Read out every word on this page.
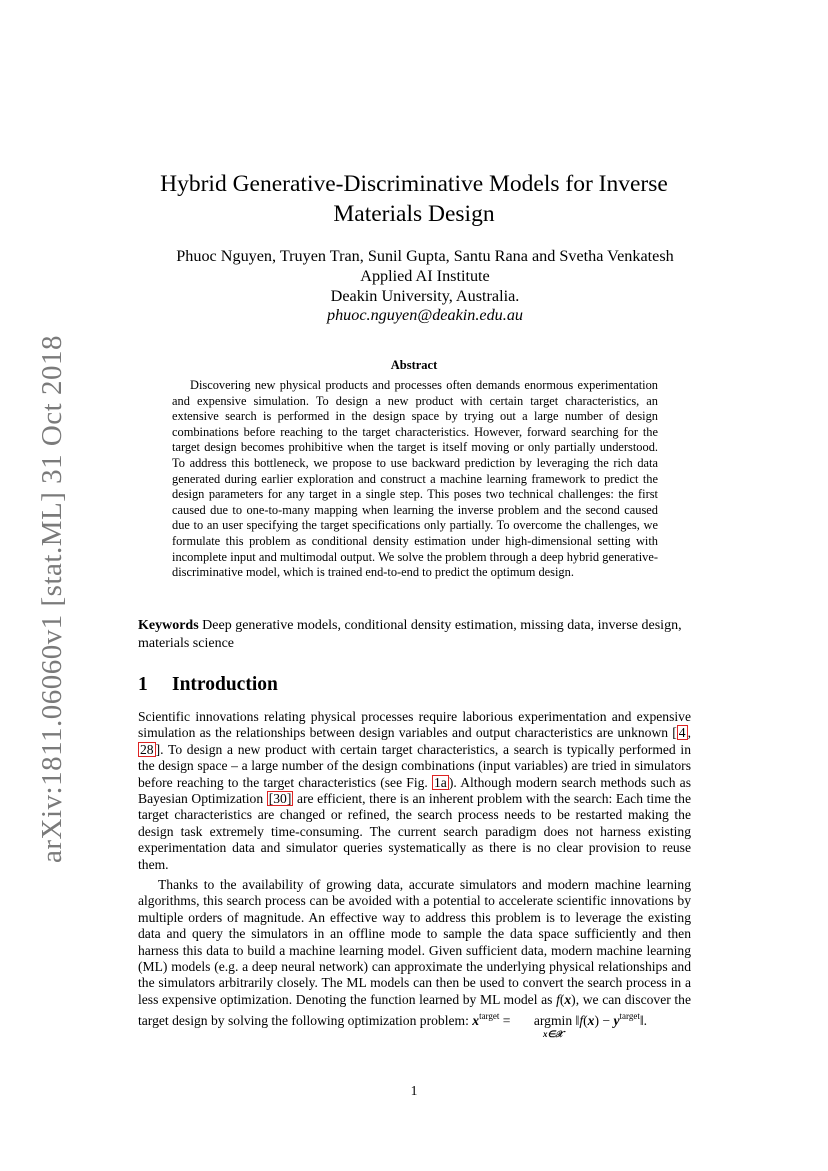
arXiv:1811.06060v1 [stat.ML] 31 Oct 2018
Hybrid Generative-Discriminative Models for Inverse
Materials Design
Phuoc Nguyen, Truyen Tran, Sunil Gupta, Santu Rana and Svetha Venkatesh
Applied AI Institute
Deakin University, Australia.
phuoc.nguyen@deakin.edu.au
Abstract
Discovering new physical products and processes often demands enormous experimentation and expensive simulation. To design a new product with certain target characteristics, an extensive search is performed in the design space by trying out a large number of design combinations before reaching to the target characteristics. However, forward searching for the target design becomes prohibitive when the target is itself moving or only partially understood. To address this bottleneck, we propose to use backward prediction by leveraging the rich data generated during earlier exploration and construct a machine learning framework to predict the design parameters for any target in a single step. This poses two technical challenges: the first caused due to one-to-many mapping when learning the inverse problem and the second caused due to an user specifying the target specifications only partially. To overcome the challenges, we formulate this problem as conditional density estimation under high-dimensional setting with incomplete input and multimodal output. We solve the problem through a deep hybrid generative-discriminative model, which is trained end-to-end to predict the optimum design.
Keywords Deep generative models, conditional density estimation, missing data, inverse design, materials science
1 Introduction
Scientific innovations relating physical processes require laborious experimentation and expensive simulation as the relationships between design variables and output characteristics are unknown [ 4 ,28 ]. To design a new product with certain target characteristics, a search is typically performed in the design space – a large number of the design combinations (input variables) are tried in simulators before reaching to the target characteristics (see Fig. 1a ). Although modern search methods such as Bayesian Optimization [30] are efficient, there is an inherent problem with the search: Each time the target characteristics are changed or refined, the search process needs to be restarted making the design task extremely time-consuming. The current search paradigm does not harness existing experimentation data and simulator queries systematically as there is no clear provision to reuse them.
Thanks to the availability of growing data, accurate simulators and modern machine learning algorithms, this search process can be avoided with a potential to accelerate scientific innovations by multiple orders of magnitude. An effective way to address this problem is to leverage the existing data and query the simulators in an offline mode to sample the data space sufficiently and then harness this data to build a machine learning model. Given sufficient data, modern machine learning (ML) models (e.g. a deep neural network) can approximate the underlying physical relationships and the simulators arbitrarily closely. The ML models can then be used to convert the search process in a less expensive optimization. Denoting the function learned by ML model as f(x), we can discover the target design by solving the following optimization problem: $x^{target} = argmin$
x∈𝒳
‖f(x) − $y^{target}‖$.
1
